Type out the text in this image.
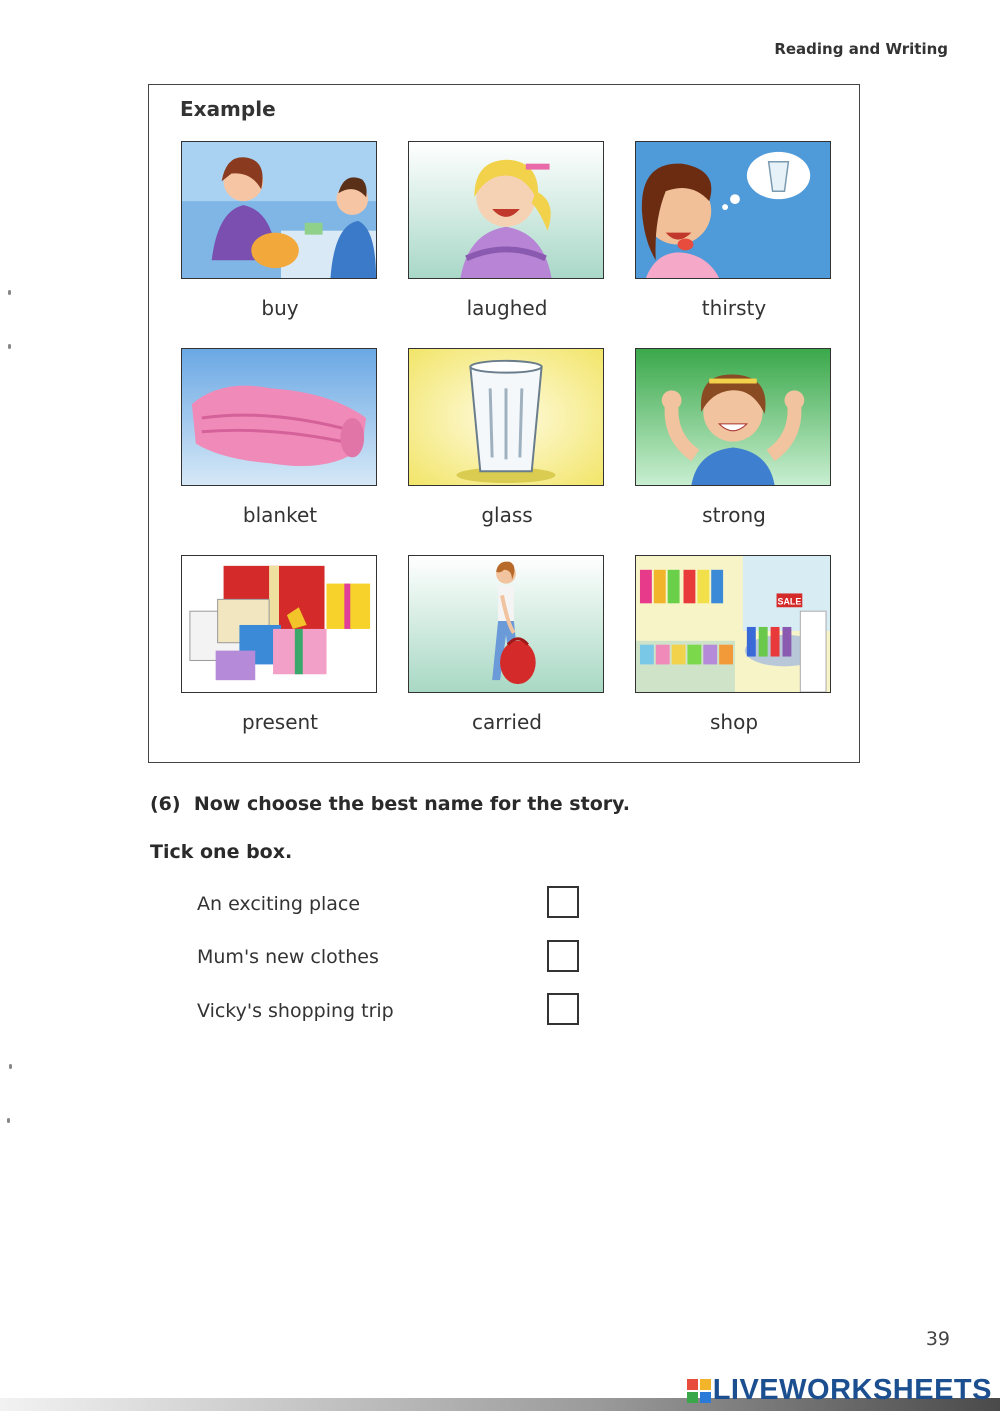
Reading and Writing
Example
buy	laughed	thirsty
blanket	glass	strong
present	carried
SALE
shop
(6)  Now choose the best name for the story.
Tick one box.
An exciting place
Mum's new clothes
Vicky's shopping trip
39
LIVEWORKSHEETS
